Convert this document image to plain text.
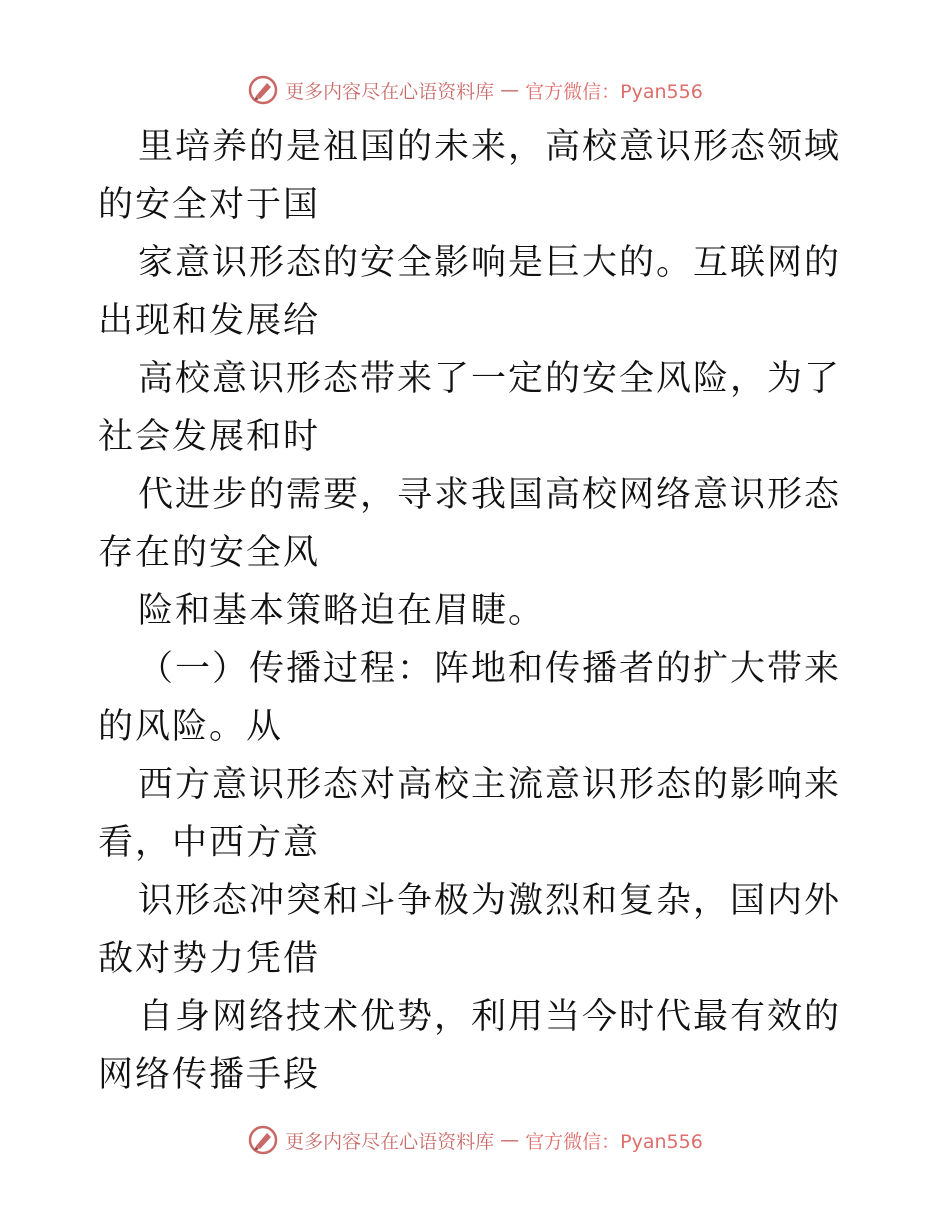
更多内容尽在心语资料库 — 官方微信：Pyan556

里培养的是祖国的未来，高校意识形态领域的安全对于国

家意识形态的安全影响是巨大的。互联网的出现和发展给

高校意识形态带来了一定的安全风险，为了社会发展和时

代进步的需要，寻求我国高校网络意识形态存在的安全风

险和基本策略迫在眉睫。

（一）传播过程：阵地和传播者的扩大带来的风险。从

西方意识形态对高校主流意识形态的影响来看，中西方意

识形态冲突和斗争极为激烈和复杂，国内外敌对势力凭借

自身网络技术优势，利用当今时代最有效的网络传播手段

更多内容尽在心语资料库 — 官方微信：Pyan556
